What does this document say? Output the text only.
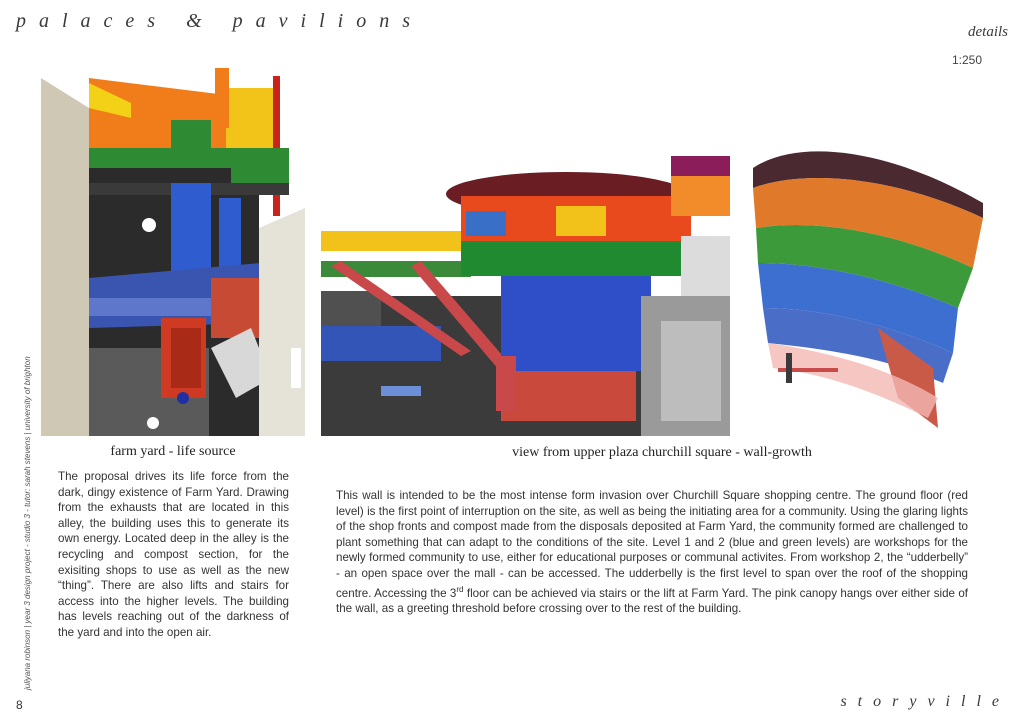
palaces & pavilions	details
1:250
juliyana robinson | year 3 design project - studio 3 - tutor: sarah stevens | university of brighton	farm yard - life source	view from upper plaza churchill square - wall-growth

The proposal drives its life force from the dark, dingy existence of Farm Yard. Drawing from the exhausts that are located in this alley, the building uses this to generate its own energy. Located deep in the alley is the recycling and compost section, for the exisiting shops to use as well as the new “thing”. There are also lifts and stairs for access into the higher levels. The building has levels reaching out of the darkness of the yard and into the open air.

This wall is intended to be the most intense form invasion over Churchill Square shopping centre. The ground floor (red level) is the first point of interruption on the site, as well as being the initiating area for a community. Using the glaring lights of the shop fronts and compost made from the disposals deposited at Farm Yard, the community formed are challenged to plant something that can adapt to the conditions of the site. Level 1 and 2 (blue and green levels) are workshops for the newly formed community to use, either for educational purposes or communal activites. From workshop 2, the “udderbelly” - an open space over the mall - can be accessed. The udderbelly is the first level to span over the roof of the shopping centre. Accessing the 3rd floor can be achieved via stairs or the lift at Farm Yard. The pink canopy hangs over either side of the wall, as a greeting threshold before crossing over to the rest of the building.

8	storyville
